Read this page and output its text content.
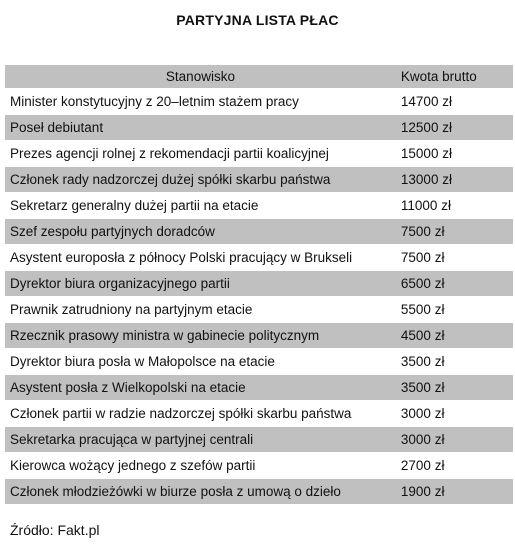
PARTYJNA LISTA PŁAC
Stanowisko	Kwota brutto
Minister konstytucyjny z 20–letnim stażem pracy	14700 zł
Poseł debiutant	12500 zł
Prezes agencji rolnej z rekomendacji partii koalicyjnej	15000 zł
Członek rady nadzorczej dużej spółki skarbu państwa	13000 zł
Sekretarz generalny dużej partii na etacie	11000 zł
Szef zespołu partyjnych doradców	7500 zł
Asystent europosła z północy Polski pracujący w Brukseli	7500 zł
Dyrektor biura organizacyjnego partii	6500 zł
Prawnik zatrudniony na partyjnym etacie	5500 zł
Rzecznik prasowy ministra w gabinecie politycznym	4500 zł
Dyrektor biura posła w Małopolsce na etacie	3500 zł
Asystent posła z Wielkopolski na etacie	3500 zł
Członek partii w radzie nadzorczej spółki skarbu państwa	3000 zł
Sekretarka pracująca w partyjnej centrali	3000 zł
Kierowca wożący jednego z szefów partii	2700 zł
Członek młodzieżówki w biurze posła z umową o dzieło	1900 zł
Źródło: Fakt.pl
